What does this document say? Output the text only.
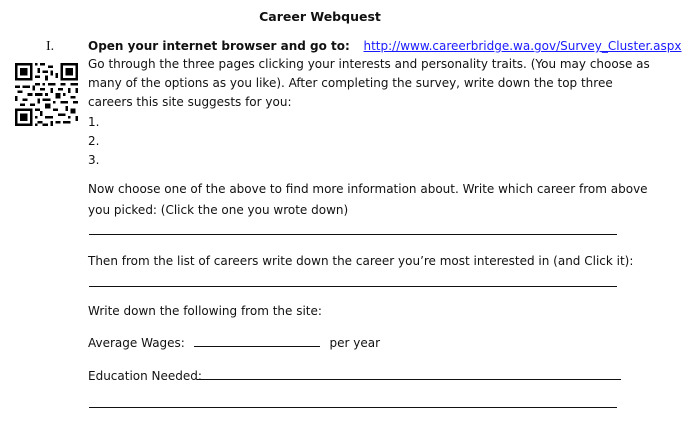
Career Webquest
I.	Open your internet browser and go to: http://www.careerbridge.wa.gov/Survey_Cluster.aspx
Go through the three pages clicking your interests and personality traits. (You may choose as
many of the options as you like). After completing the survey, write down the top three
careers this site suggests for you:
1.
2.
3.
Now choose one of the above to find more information about. Write which career from above
you picked: (Click the one you wrote down)
Then from the list of careers write down the career you’re most interested in (and Click it):
Write down the following from the site:
Average Wages:	per year
Education Needed:
